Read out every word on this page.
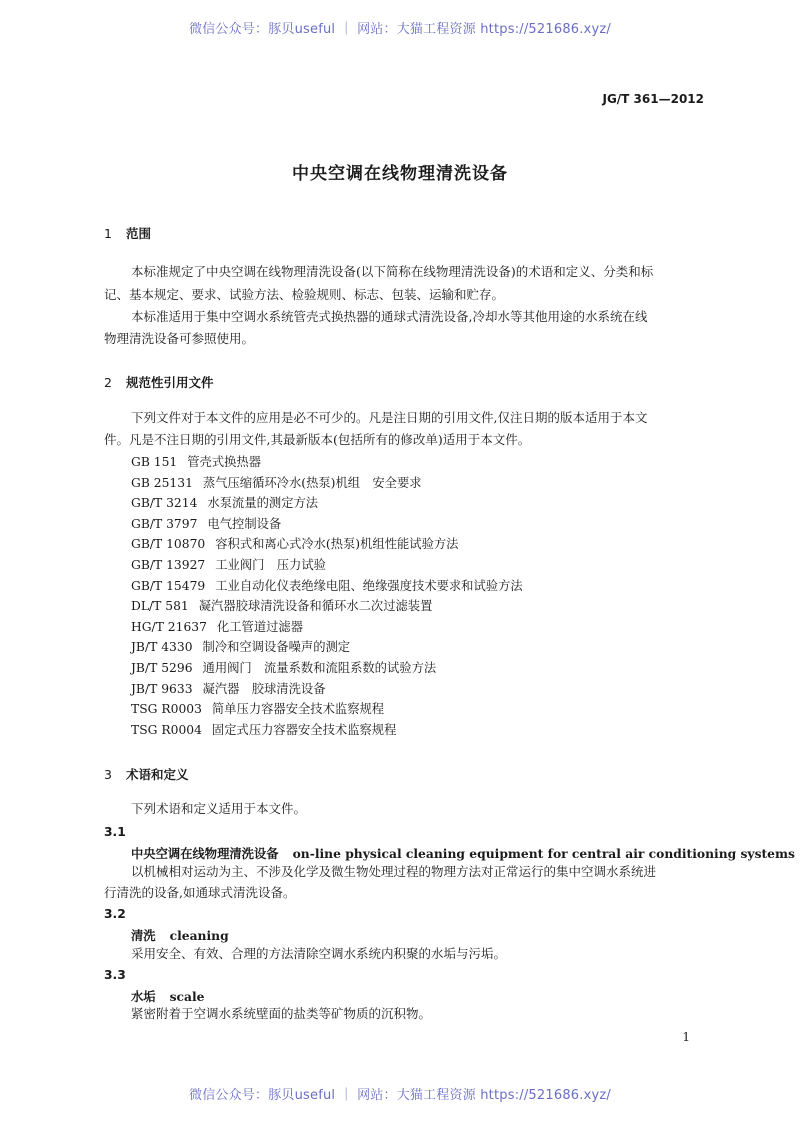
微信公众号：豚贝useful ｜ 网站：大猫工程资源 https://521686.xyz/
JG/T 361—2012
中央空调在线物理清洗设备
1 范围
本标准规定了中央空调在线物理清洗设备(以下简称在线物理清洗设备)的术语和定义、分类和标
记、基本规定、要求、试验方法、检验规则、标志、包装、运输和贮存。
本标准适用于集中空调水系统管壳式换热器的通球式清洗设备,冷却水等其他用途的水系统在线
物理清洗设备可参照使用。
2 规范性引用文件
下列文件对于本文件的应用是必不可少的。凡是注日期的引用文件,仅注日期的版本适用于本文
件。凡是不注日期的引用文件,其最新版本(包括所有的修改单)适用于本文件。
GB 151 管壳式换热器
GB 25131 蒸气压缩循环冷水(热泵)机组　安全要求
GB/T 3214 水泵流量的测定方法
GB/T 3797 电气控制设备
GB/T 10870 容积式和离心式冷水(热泵)机组性能试验方法
GB/T 13927 工业阀门　压力试验
GB/T 15479 工业自动化仪表绝缘电阻、绝缘强度技术要求和试验方法
DL/T 581 凝汽器胶球清洗设备和循环水二次过滤装置
HG/T 21637 化工管道过滤器
JB/T 4330 制冷和空调设备噪声的测定
JB/T 5296 通用阀门　流量系数和流阻系数的试验方法
JB/T 9633 凝汽器　胶球清洗设备
TSG R0003 简单压力容器安全技术监察规程
TSG R0004 固定式压力容器安全技术监察规程
3 术语和定义
下列术语和定义适用于本文件。
3.1
中央空调在线物理清洗设备 on-line physical cleaning equipment for central air conditioning systems
以机械相对运动为主、不涉及化学及微生物处理过程的物理方法对正常运行的集中空调水系统进
行清洗的设备,如通球式清洗设备。
3.2
清洗 cleaning
采用安全、有效、合理的方法清除空调水系统内积聚的水垢与污垢。
3.3
水垢 scale
紧密附着于空调水系统壁面的盐类等矿物质的沉积物。
1
微信公众号：豚贝useful ｜ 网站：大猫工程资源 https://521686.xyz/
